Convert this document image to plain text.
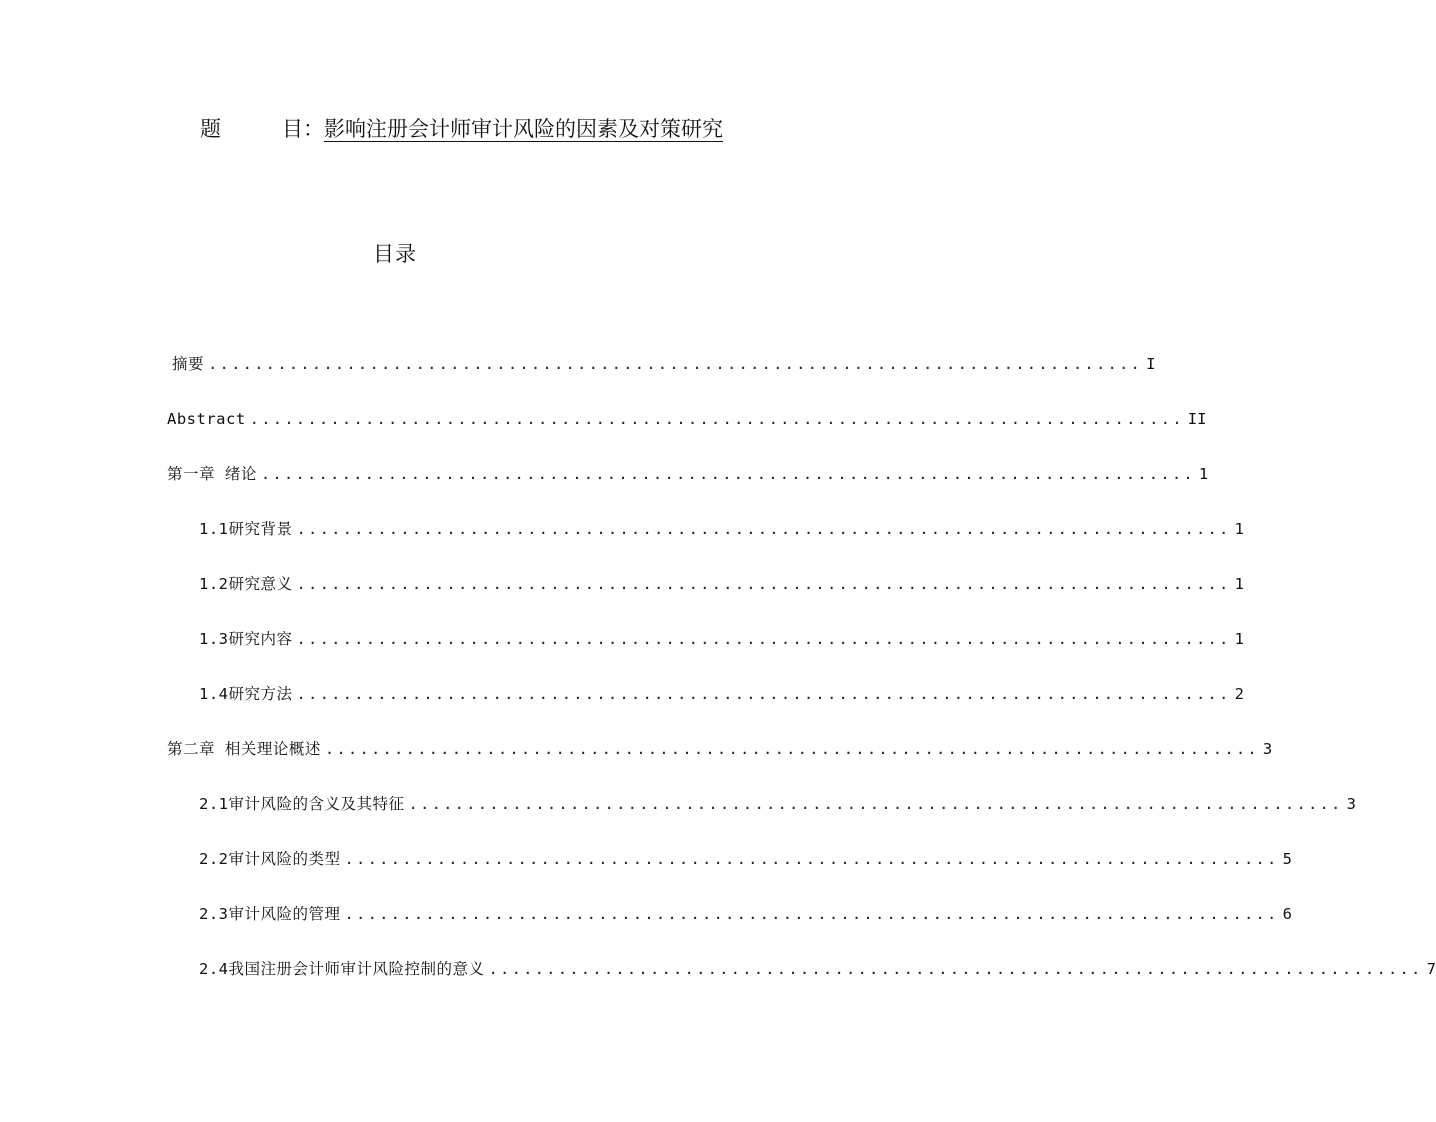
题	目：影响注册会计师审计风险的因素及对策研究
目录
摘要 ................................................................................. I
Abstract ................................................................................. II
第一章 绪论 ................................................................................. 1
1.1研究背景 ................................................................................. 1
1.2研究意义 ................................................................................. 1
1.3研究内容 ................................................................................. 1
1.4研究方法 ................................................................................. 2
第二章 相关理论概述 ................................................................................. 3
2.1审计风险的含义及其特征 ................................................................................. 3
2.2审计风险的类型 ................................................................................. 5
2.3审计风险的管理 ................................................................................. 6
2.4我国注册会计师审计风险控制的意义 ................................................................................. 7
